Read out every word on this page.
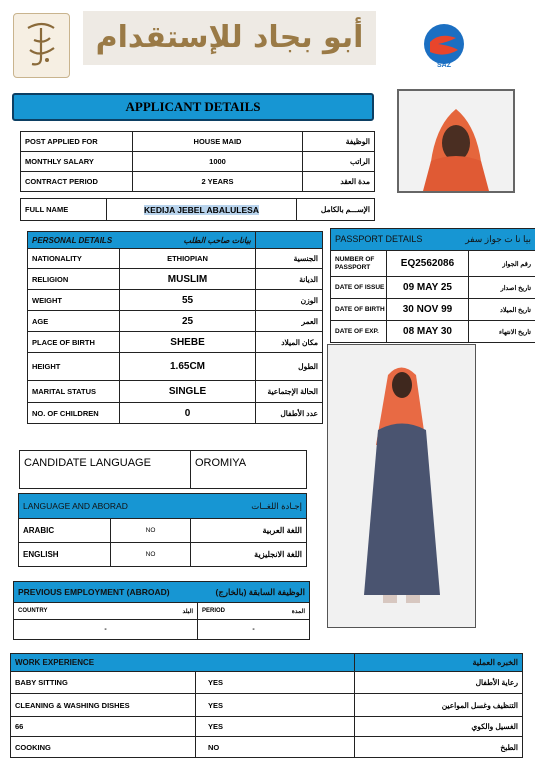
أبو بجاد للإستقدام
SAZ
APPLICANT DETAILS
POST APPLIED FOR	HOUSE MAID	الوظيفة
MONTHLY SALARY	1000	الراتب
CONTRACT PERIOD	2 YEARS	مدة العقد
FULL NAME	KEDIJA JEBEL ABALULESA	الإســـم بالكامل
PERSONAL DETAILS بيانات صاحب الطلب		

NATIONALITY	ETHIOPIAN	الجنسية
RELIGION	MUSLIM	الديانة
WEIGHT	55	الوزن
AGE	25	العمر
PLACE OF BIRTH	SHEBE	مكان الميلاد
HEIGHT	1.65CM	الطول
MARITAL STATUS	SINGLE	الحالة الإجتماعية
NO. OF CHILDREN	0	عدد الأطفال
PASSPORT DETAILS بيا نا ت جواز سفر		

NUMBER OF PASSPORT	EQ2562086	رقم الجواز
DATE OF ISSUE	09 MAY 25	تاريخ اصدار
DATE OF BIRTH	30 NOV 99	تاريخ الميلاد
DATE OF EXP.	08 MAY 30	تاريخ الانتهاء
CANDIDATE LANGUAGE	OROMIYA
LANGUAGE AND ABORAD إجـادة اللغــات		

ARABIC	NO	اللغة العربية
ENGLISH	NO	اللغة الانجليزية
PREVIOUS EMPLOYMENT (ABROAD) الوظيفة السابقة (بالخارج)			

COUNTRY	البلد	PERIOD	المدة
-		-	
WORK EXPERIENCE		الخبره العملية
BABY SITTING	YES	رعاية الأطفال
CLEANING & WASHING DISHES	YES	التنظيف وغسل المواعين
66	YES	الغسيل والكوي
COOKING	NO	الطبخ
